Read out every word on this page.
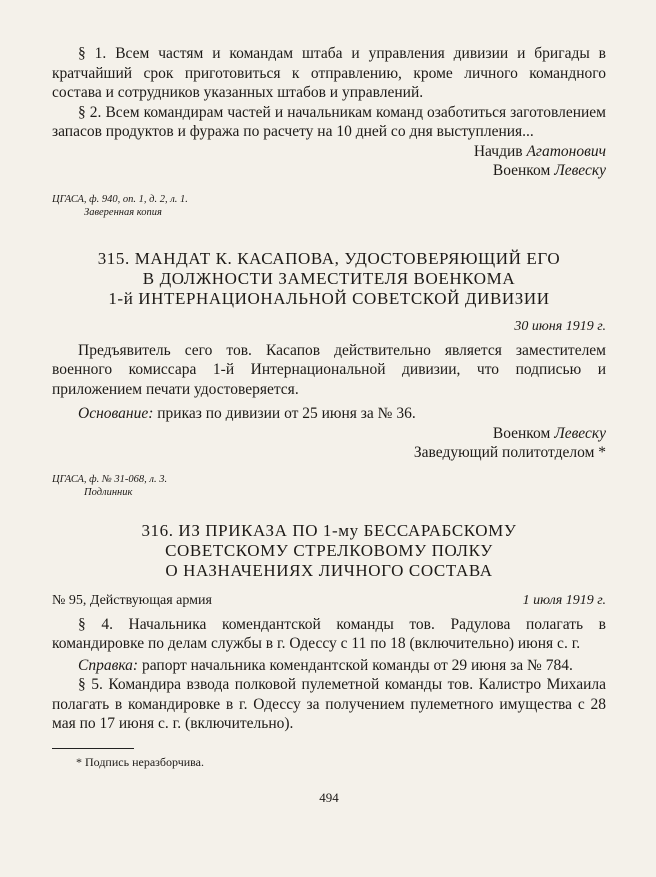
§ 1. Всем частям и командам штаба и управления дивизии и бригады в кратчайший срок приготовиться к отправлению, кроме личного командного состава и сотрудников указанных штабов и управлений.

§ 2. Всем командирам частей и начальникам команд озаботиться заготовлением запасов продуктов и фуража по расчету на 10 дней со дня выступления...

Начдив Агатонович

Военком Левеску

ЦГАСА, ф. 940, оп. 1, д. 2, л. 1.
Заверенная копия

315. МАНДАТ К. КАСАПОВА, УДОСТОВЕРЯЮЩИЙ ЕГО

В ДОЛЖНОСТИ ЗАМЕСТИТЕЛЯ ВОЕНКОМА

1-й ИНТЕРНАЦИОНАЛЬНОЙ СОВЕТСКОЙ ДИВИЗИИ

30 июня 1919 г.

Предъявитель сего тов. Касапов действительно является заместителем военного комиссара 1-й Интернациональной дивизии, что подписью и приложением печати удостоверяется.

Основание: приказ по дивизии от 25 июня за № 36.

Военком Левеску

Заведующий политотделом *

ЦГАСА, ф. № 31-068, л. 3.
Подлинник

316. ИЗ ПРИКАЗА ПО 1-му БЕССАРАБСКОМУ

СОВЕТСКОМУ СТРЕЛКОВОМУ ПОЛКУ

О НАЗНАЧЕНИЯХ ЛИЧНОГО СОСТАВА

№ 95, Действующая армия	1 июля 1919 г.

§ 4. Начальника комендантской команды тов. Радулова полагать в командировке по делам службы в г. Одессу с 11 по 18 (включительно) июня с. г.

Справка: рапорт начальника комендантской команды от 29 июня за № 784.

§ 5. Командира взвода полковой пулеметной команды тов. Калистро Михаила полагать в командировке в г. Одессу за получением пулеметного имущества с 28 мая по 17 июня с. г. (включительно).

* Подпись неразборчива.

494
